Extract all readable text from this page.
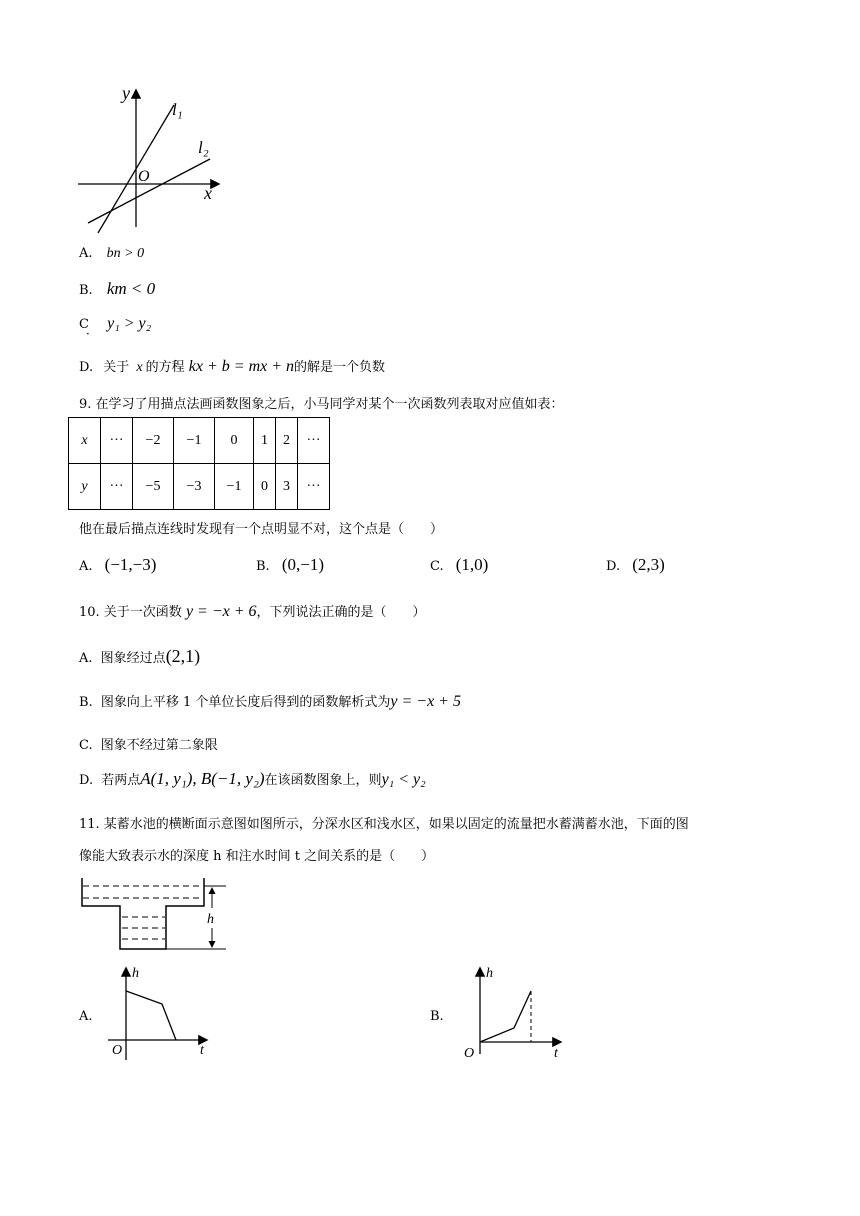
y
x
O
l₁
l₂
A. bn > 0
B. km < 0
C y₁ > y₂
·
D. 关于 x 的方程 kx + b = mx + n的解是一个负数
9. 在学习了用描点法画函数图象之后，小马同学对某个一次函数列表取对应值如表：
x	···	−2	−1	0	1	2	···
y	···	−5	−3	−1	0	3	···
他在最后描点连线时发现有一个点明显不对，这个点是（　　）
A. (−1,−3)	B. (0,−1)	C. (1,0)	D. (2,3)
10. 关于一次函数 y = −x + 6，下列说法正确的是（　　）
A. 图象经过点(2,1)
B. 图象向上平移 1 个单位长度后得到的函数解析式为y = −x + 5
C. 图象不经过第二象限
D. 若两点A(1, y₁), B(−1, y₂)在该函数图象上，则y₁ < y₂
11. 某蓄水池的横断面示意图如图所示，分深水区和浅水区，如果以固定的流量把水蓄满蓄水池，下面的图
像能大致表示水的深度 h 和注水时间 t 之间关系的是（　　）
h
A.
h
t
O
B.
h
t
O
